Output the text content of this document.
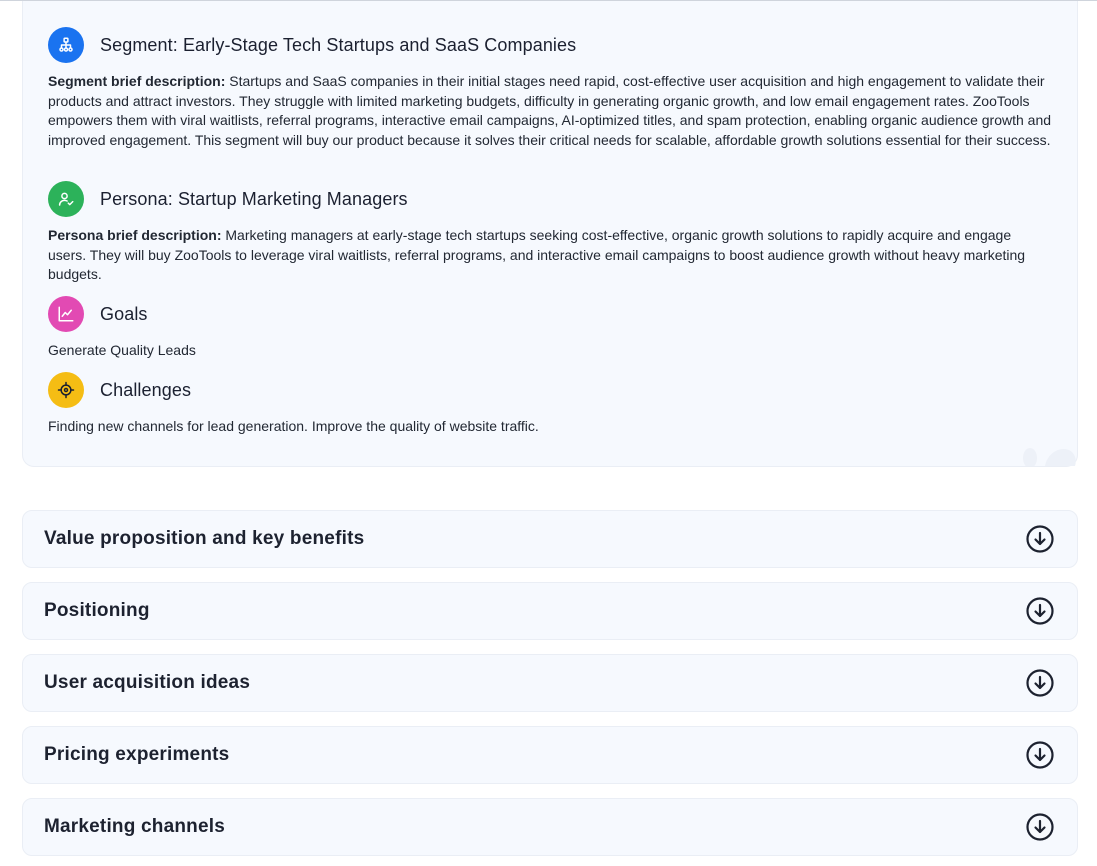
Segment: Early-Stage Tech Startups and SaaS Companies

Segment brief description: Startups and SaaS companies in their initial stages need rapid, cost-effective user acquisition and high engagement to validate their products and attract investors. They struggle with limited marketing budgets, difficulty in generating organic growth, and low email engagement rates. ZooTools empowers them with viral waitlists, referral programs, interactive email campaigns, AI-optimized titles, and spam protection, enabling organic audience growth and improved engagement. This segment will buy our product because it solves their critical needs for scalable, affordable growth solutions essential for their success.

Persona: Startup Marketing Managers

Persona brief description: Marketing managers at early-stage tech startups seeking cost-effective, organic growth solutions to rapidly acquire and engage users. They will buy ZooTools to leverage viral waitlists, referral programs, and interactive email campaigns to boost audience growth without heavy marketing budgets.

Goals

Generate Quality Leads

Challenges

Finding new channels for lead generation. Improve the quality of website traffic.

Value proposition and key benefits
Positioning
User acquisition ideas
Pricing experiments
Marketing channels
